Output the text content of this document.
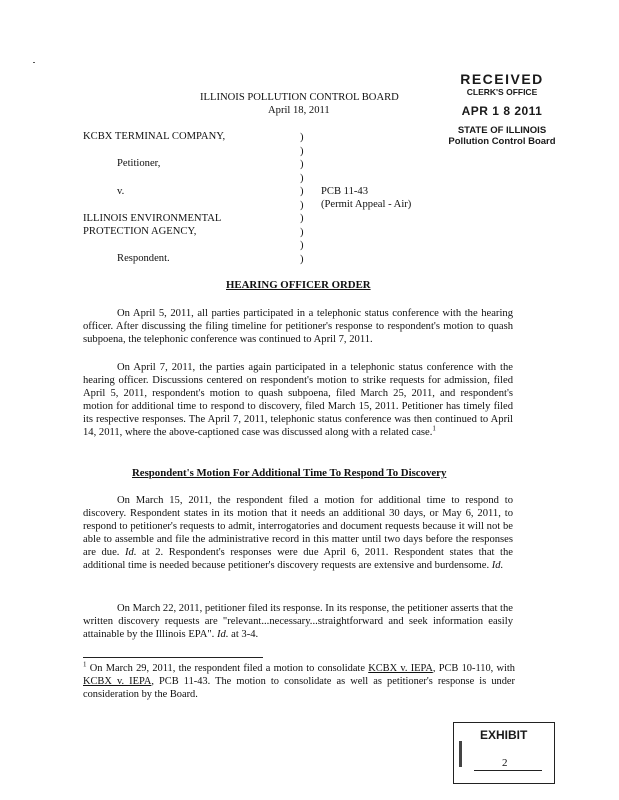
RECEIVED
CLERK'S OFFICE
APR 1 8 2011
STATE OF ILLINOIS
Pollution Control Board
ILLINOIS POLLUTION CONTROL BOARD
April 18, 2011
KCBX TERMINAL COMPANY,
Petitioner,
v.
ILLINOIS ENVIRONMENTAL
PROTECTION AGENCY,
Respondent.
)
)
)
)
)
)
)
)
)
)
PCB 11-43
(Permit Appeal - Air)
HEARING OFFICER ORDER

On April 5, 2011, all parties participated in a telephonic status conference with the hearing officer. After discussing the filing timeline for petitioner's response to respondent's motion to quash subpoena, the telephonic conference was continued to April 7, 2011.

On April 7, 2011, the parties again participated in a telephonic status conference with the hearing officer. Discussions centered on respondent's motion to strike requests for admission, filed April 5, 2011, respondent's motion to quash subpoena, filed March 25, 2011, and respondent's motion for additional time to respond to discovery, filed March 15, 2011. Petitioner has timely filed its respective responses. The April 7, 2011, telephonic status conference was then continued to April 14, 2011, where the above-captioned case was discussed along with a related case.$^1$

Respondent's Motion For Additional Time To Respond To Discovery

On March 15, 2011, the respondent filed a motion for additional time to respond to discovery. Respondent states in its motion that it needs an additional 30 days, or May 6, 2011, to respond to petitioner's requests to admit, interrogatories and document requests because it will not be able to assemble and file the administrative record in this matter until two days before the responses are due. Id. at 2. Respondent's responses were due April 6, 2011. Respondent states that the additional time is needed because petitioner's discovery requests are extensive and burdensome. Id.

On March 22, 2011, petitioner filed its response. In its response, the petitioner asserts that the written discovery requests are "relevant...necessary...straightforward and seek information easily attainable by the Illinois EPA". Id. at 3-4.

$^1$ On March 29, 2011, the respondent filed a motion to consolidate KCBX v. IEPA, PCB 10-110, with KCBX v. IEPA, PCB 11-43. The motion to consolidate as well as petitioner's response is under consideration by the Board.

EXHIBIT
2
